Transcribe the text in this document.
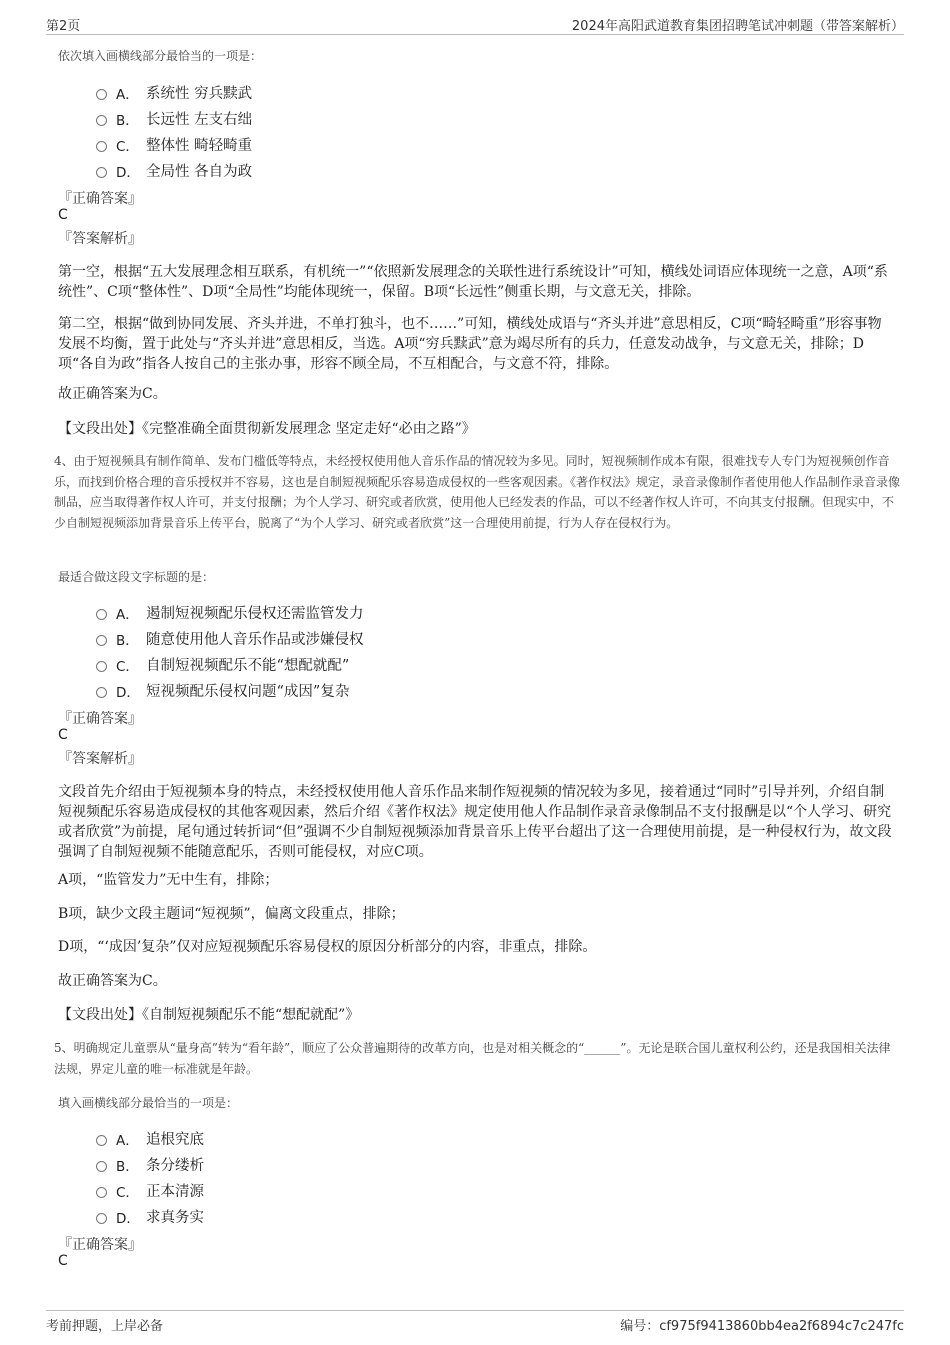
第2页	2024年高阳武道教育集团招聘笔试冲刺题（带答案解析）
依次填入画横线部分最恰当的一项是：
A． 系统性 穷兵黩武
B． 长远性 左支右绌
C． 整体性 畸轻畸重
D． 全局性 各自为政
『正确答案』
C
『答案解析』
第一空，根据“五大发展理念相互联系，有机统一”“依照新发展理念的关联性进行系统设计”可知，横线处词语应体现统一之意，A项“系统性”、C项“整体性”、D项“全局性”均能体现统一，保留。B项“长远性”侧重长期，与文意无关，排除。
第二空，根据“做到协同发展、齐头并进，不单打独斗，也不……”可知，横线处成语与“齐头并进”意思相反，C项“畸轻畸重”形容事物发展不均衡，置于此处与“齐头并进”意思相反，当选。A项“穷兵黩武”意为竭尽所有的兵力，任意发动战争，与文意无关，排除；D项“各自为政”指各人按自己的主张办事，形容不顾全局，不互相配合，与文意不符，排除。
故正确答案为C。
【文段出处】《完整准确全面贯彻新发展理念 坚定走好“必由之路”》
4、由于短视频具有制作简单、发布门槛低等特点，未经授权使用他人音乐作品的情况较为多见。同时，短视频制作成本有限，很难找专人专门为短视频创作音乐，而找到价格合理的音乐授权并不容易，这也是自制短视频配乐容易造成侵权的一些客观因素。《著作权法》规定，录音录像制作者使用他人作品制作录音录像制品，应当取得著作权人许可，并支付报酬；为个人学习、研究或者欣赏，使用他人已经发表的作品，可以不经著作权人许可，不向其支付报酬。但现实中，不少自制短视频添加背景音乐上传平台，脱离了“为个人学习、研究或者欣赏”这一合理使用前提，行为人存在侵权行为。
最适合做这段文字标题的是：
A． 遏制短视频配乐侵权还需监管发力
B． 随意使用他人音乐作品或涉嫌侵权
C． 自制短视频配乐不能“想配就配”
D． 短视频配乐侵权问题“成因”复杂
『正确答案』
C
『答案解析』
文段首先介绍由于短视频本身的特点，未经授权使用他人音乐作品来制作短视频的情况较为多见，接着通过“同时”引导并列，介绍自制短视频配乐容易造成侵权的其他客观因素，然后介绍《著作权法》规定使用他人作品制作录音录像制品不支付报酬是以“个人学习、研究或者欣赏”为前提，尾句通过转折词“但”强调不少自制短视频添加背景音乐上传平台超出了这一合理使用前提，是一种侵权行为，故文段强调了自制短视频不能随意配乐，否则可能侵权，对应C项。
A项，“监管发力”无中生有，排除；
B项，缺少文段主题词“短视频”，偏离文段重点，排除；
D项，“‘成因’复杂”仅对应短视频配乐容易侵权的原因分析部分的内容，非重点，排除。
故正确答案为C。
【文段出处】《自制短视频配乐不能“想配就配”》
5、明确规定儿童票从“量身高”转为“看年龄”，顺应了公众普遍期待的改革方向，也是对相关概念的“______”。无论是联合国儿童权利公约，还是我国相关法律法规，界定儿童的唯一标准就是年龄。
填入画横线部分最恰当的一项是：
A． 追根究底
B． 条分缕析
C． 正本清源
D． 求真务实
『正确答案』
C
考前押题，上岸必备	编号：cf975f9413860bb4ea2f6894c7c247fc
